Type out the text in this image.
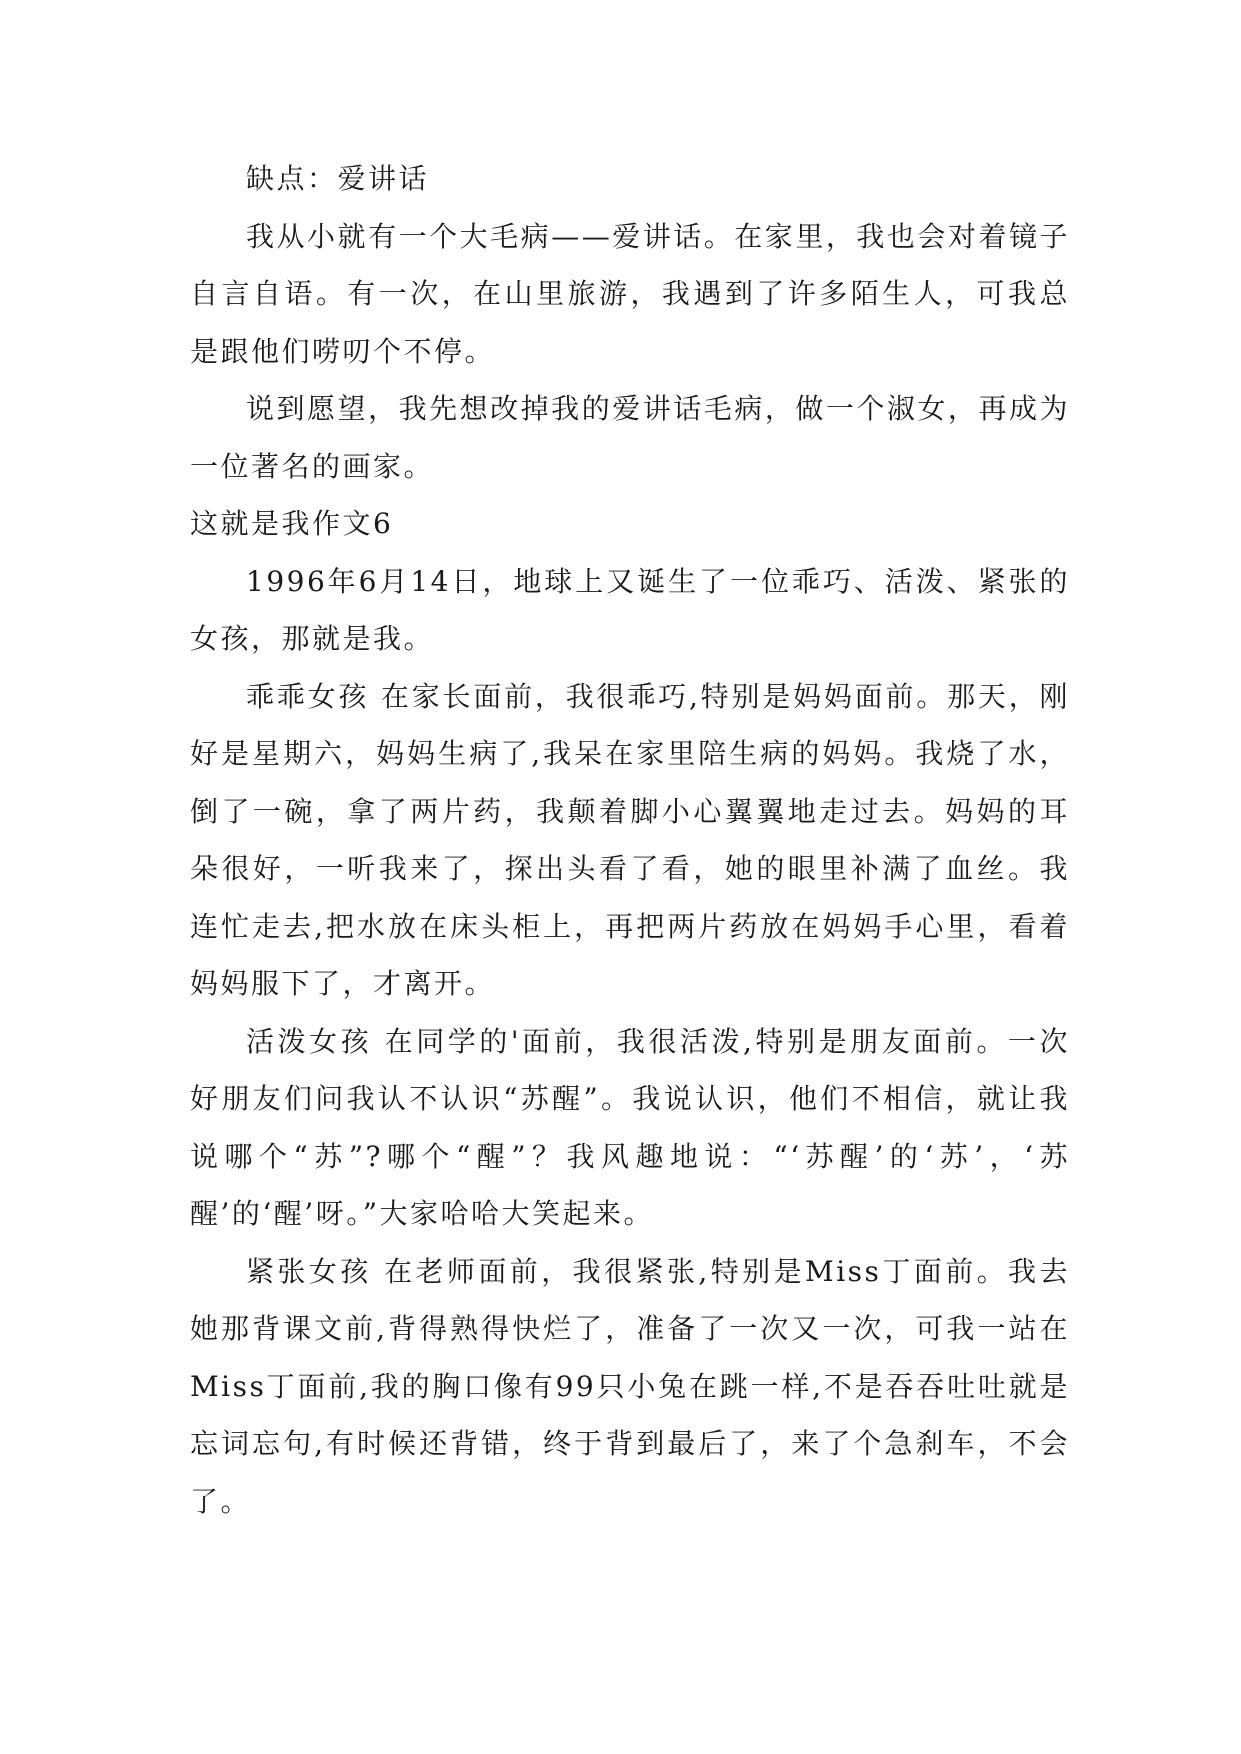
缺点：爱讲话

我从小就有一个大毛病——爱讲话。在家里，我也会对着镜子自言自语。有一次，在山里旅游，我遇到了许多陌生人，可我总是跟他们唠叨个不停。

说到愿望，我先想改掉我的爱讲话毛病，做一个淑女，再成为一位著名的画家。

这就是我作文6

1996年6月14日，地球上又诞生了一位乖巧、活泼、紧张的女孩，那就是我。

乖乖女孩 在家长面前，我很乖巧,特别是妈妈面前。那天，刚好是星期六，妈妈生病了,我呆在家里陪生病的妈妈。我烧了水，倒了一碗，拿了两片药，我颠着脚小心翼翼地走过去。妈妈的耳朵很好，一听我来了，探出头看了看，她的眼里补满了血丝。我连忙走去,把水放在床头柜上，再把两片药放在妈妈手心里，看着妈妈服下了，才离开。

活泼女孩 在同学的'面前，我很活泼,特别是朋友面前。一次好朋友们问我认不认识“苏醒”。我说认识，他们不相信，就让我说哪个“苏”?哪个“醒”？我风趣地说：“‘苏醒’的‘苏’，‘苏醒’的‘醒’呀。”大家哈哈大笑起来。

紧张女孩 在老师面前，我很紧张,特别是Miss丁面前。我去她那背课文前,背得熟得快烂了，准备了一次又一次，可我一站在Miss丁面前,我的胸口像有99只小兔在跳一样,不是吞吞吐吐就是忘词忘句,有时候还背错，终于背到最后了，来了个急刹车，不会了。
